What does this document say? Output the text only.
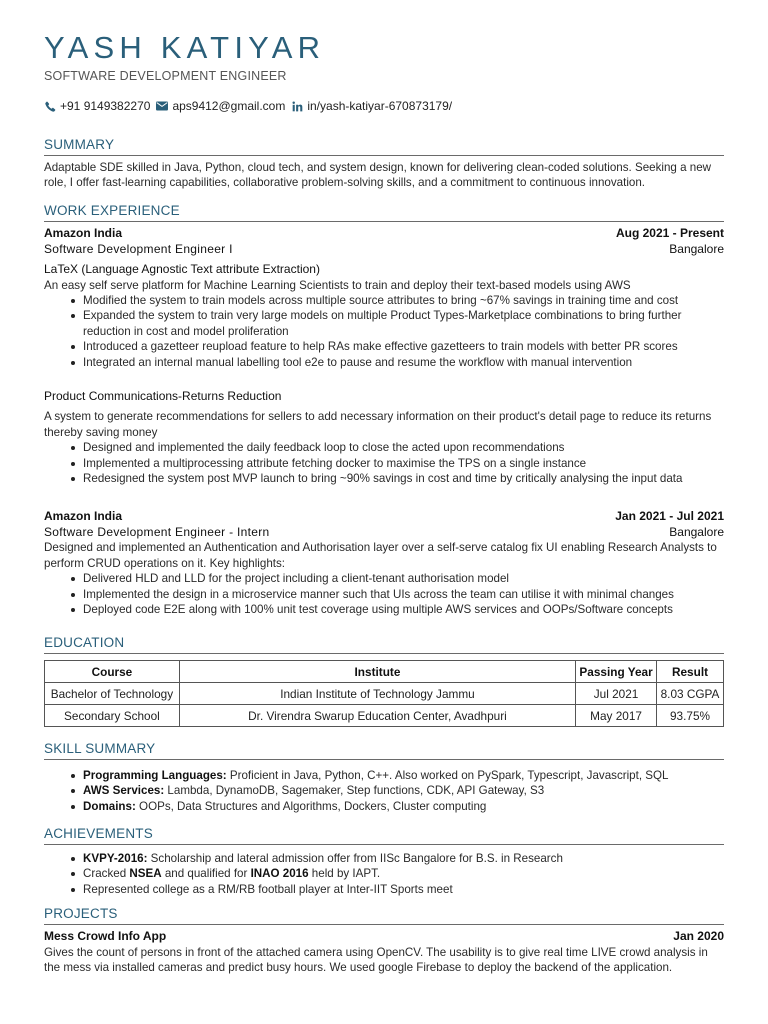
YASH KATIYAR
SOFTWARE DEVELOPMENT ENGINEER
+91 9149382270 aps9412@gmail.com in/yash-katiyar-670873179/
SUMMARY
Adaptable SDE skilled in Java, Python, cloud tech, and system design, known for delivering clean-coded solutions. Seeking a new role, I offer fast-learning capabilities, collaborative problem-solving skills, and a commitment to continuous innovation.
WORK EXPERIENCE
Amazon India	Aug 2021 - Present
Software Development Engineer I	Bangalore
LaTeX (Language Agnostic Text attribute Extraction)
An easy self serve platform for Machine Learning Scientists to train and deploy their text-based models using AWS
Modified the system to train models across multiple source attributes to bring ~67% savings in training time and cost
Expanded the system to train very large models on multiple Product Types-Marketplace combinations to bring further reduction in cost and model proliferation
Introduced a gazetteer reupload feature to help RAs make effective gazetteers to train models with better PR scores
Integrated an internal manual labelling tool e2e to pause and resume the workflow with manual intervention
Product Communications-Returns Reduction
A system to generate recommendations for sellers to add necessary information on their product's detail page to reduce its returns thereby saving money
Designed and implemented the daily feedback loop to close the acted upon recommendations
Implemented a multiprocessing attribute fetching docker to maximise the TPS on a single instance
Redesigned the system post MVP launch to bring ~90% savings in cost and time by critically analysing the input data
Amazon India	Jan 2021 - Jul 2021
Software Development Engineer - Intern	Bangalore
Designed and implemented an Authentication and Authorisation layer over a self-serve catalog fix UI enabling Research Analysts to perform CRUD operations on it. Key highlights:
Delivered HLD and LLD for the project including a client-tenant authorisation model
Implemented the design in a microservice manner such that UIs across the team can utilise it with minimal changes
Deployed code E2E along with 100% unit test coverage using multiple AWS services and OOPs/Software concepts
EDUCATION
Course	Institute	Passing Year	Result
Bachelor of Technology	Indian Institute of Technology Jammu	Jul 2021	8.03 CGPA
Secondary School	Dr. Virendra Swarup Education Center, Avadhpuri	May 2017	93.75%
SKILL SUMMARY
Programming Languages: Proficient in Java, Python, C++. Also worked on PySpark, Typescript, Javascript, SQL
AWS Services: Lambda, DynamoDB, Sagemaker, Step functions, CDK, API Gateway, S3
Domains: OOPs, Data Structures and Algorithms, Dockers, Cluster computing
ACHIEVEMENTS
KVPY-2016: Scholarship and lateral admission offer from IISc Bangalore for B.S. in Research
Cracked NSEA and qualified for INAO 2016 held by IAPT.
Represented college as a RM/RB football player at Inter-IIT Sports meet
PROJECTS
Mess Crowd Info App	Jan 2020
Gives the count of persons in front of the attached camera using OpenCV. The usability is to give real time LIVE crowd analysis in the mess via installed cameras and predict busy hours. We used google Firebase to deploy the backend of the application.
